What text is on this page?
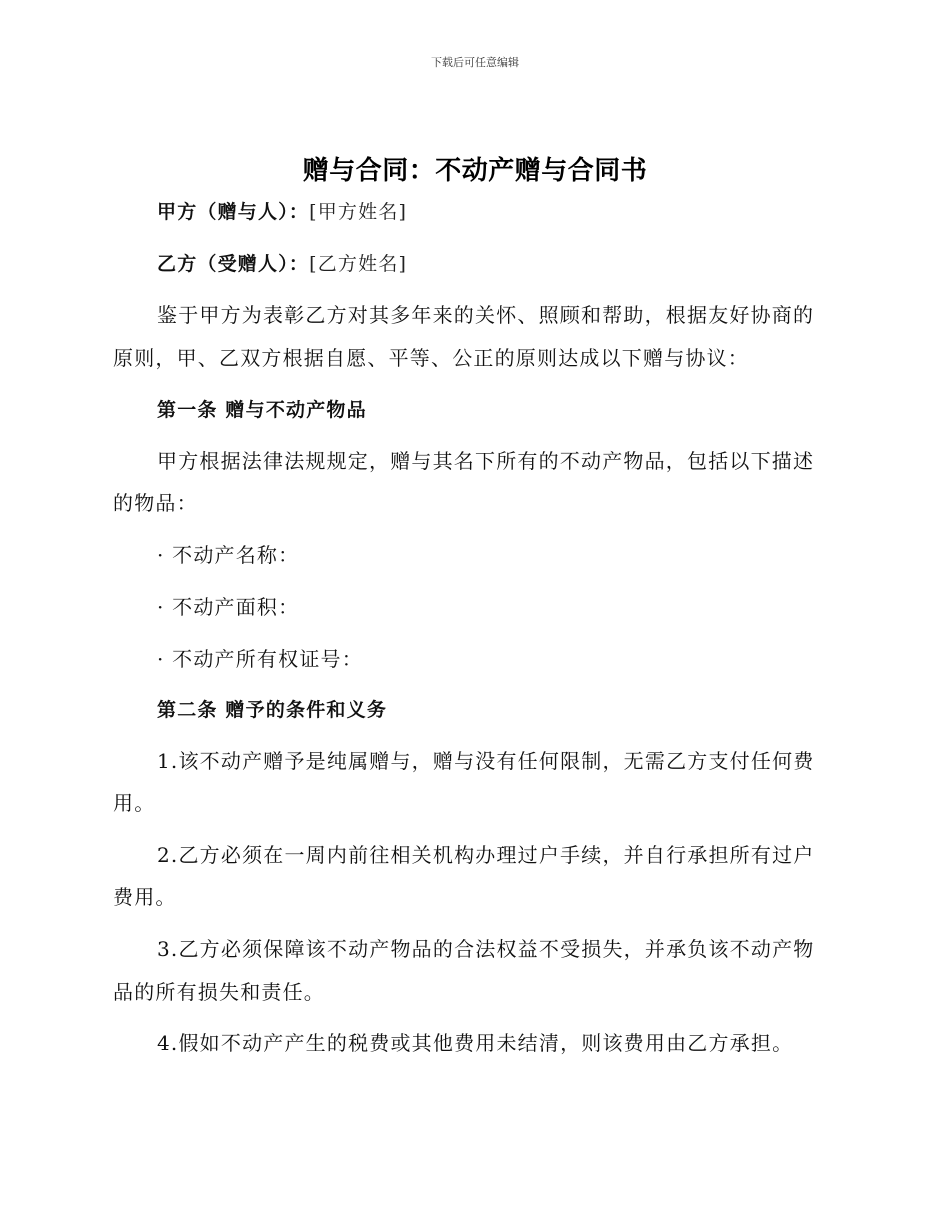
下载后可任意编辑
赠与合同：不动产赠与合同书
甲方（赠与人）：[甲方姓名]
乙方（受赠人）：[乙方姓名]
鉴于甲方为表彰乙方对其多年来的关怀、照顾和帮助，根据友好协商的
原则，甲、乙双方根据自愿、平等、公正的原则达成以下赠与协议：
第一条 赠与不动产物品
甲方根据法律法规规定，赠与其名下所有的不动产物品，包括以下描述
的物品：
· 不动产名称：
· 不动产面积：
· 不动产所有权证号：
第二条 赠予的条件和义务
1.该不动产赠予是纯属赠与，赠与没有任何限制，无需乙方支付任何费
用。
2.乙方必须在一周内前往相关机构办理过户手续，并自行承担所有过户
费用。
3.乙方必须保障该不动产物品的合法权益不受损失，并承负该不动产物
品的所有损失和责任。
4.假如不动产产生的税费或其他费用未结清，则该费用由乙方承担。
